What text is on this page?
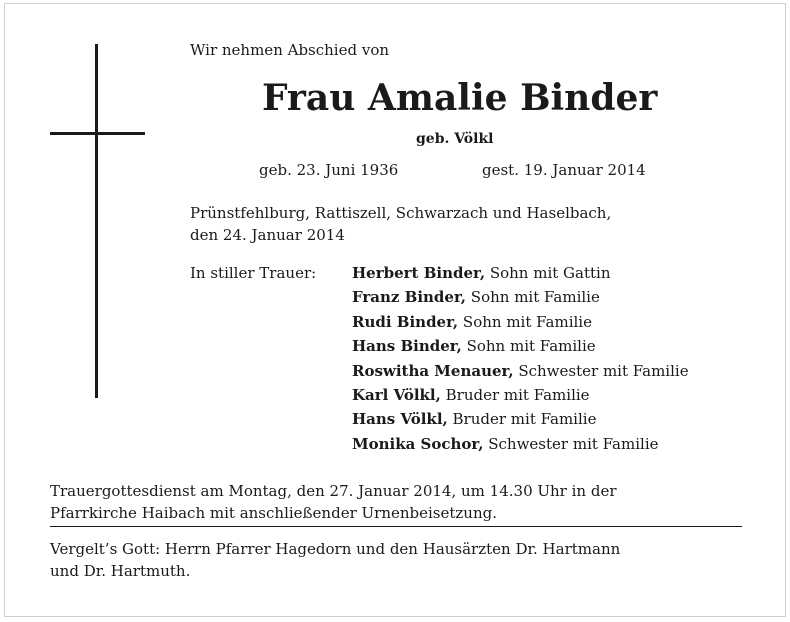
Wir nehmen Abschied von
Frau Amalie Binder
geb. Völkl
geb. 23. Juni 1936	gest. 19. Januar 2014
Prünstfehlburg, Rattiszell, Schwarzach und Haselbach,
den 24. Januar 2014
In stiller Trauer: Herbert Binder, Sohn mit Gattin
Franz Binder, Sohn mit Familie
Rudi Binder, Sohn mit Familie
Hans Binder, Sohn mit Familie
Roswitha Menauer, Schwester mit Familie
Karl Völkl, Bruder mit Familie
Hans Völkl, Bruder mit Familie
Monika Sochor, Schwester mit Familie
Trauergottesdienst am Montag, den 27. Januar 2014, um 14.30 Uhr in der
Pfarrkirche Haibach mit anschließender Urnenbeisetzung.
Vergelt’s Gott: Herrn Pfarrer Hagedorn und den Hausärzten Dr. Hartmann
und Dr. Hartmuth.
